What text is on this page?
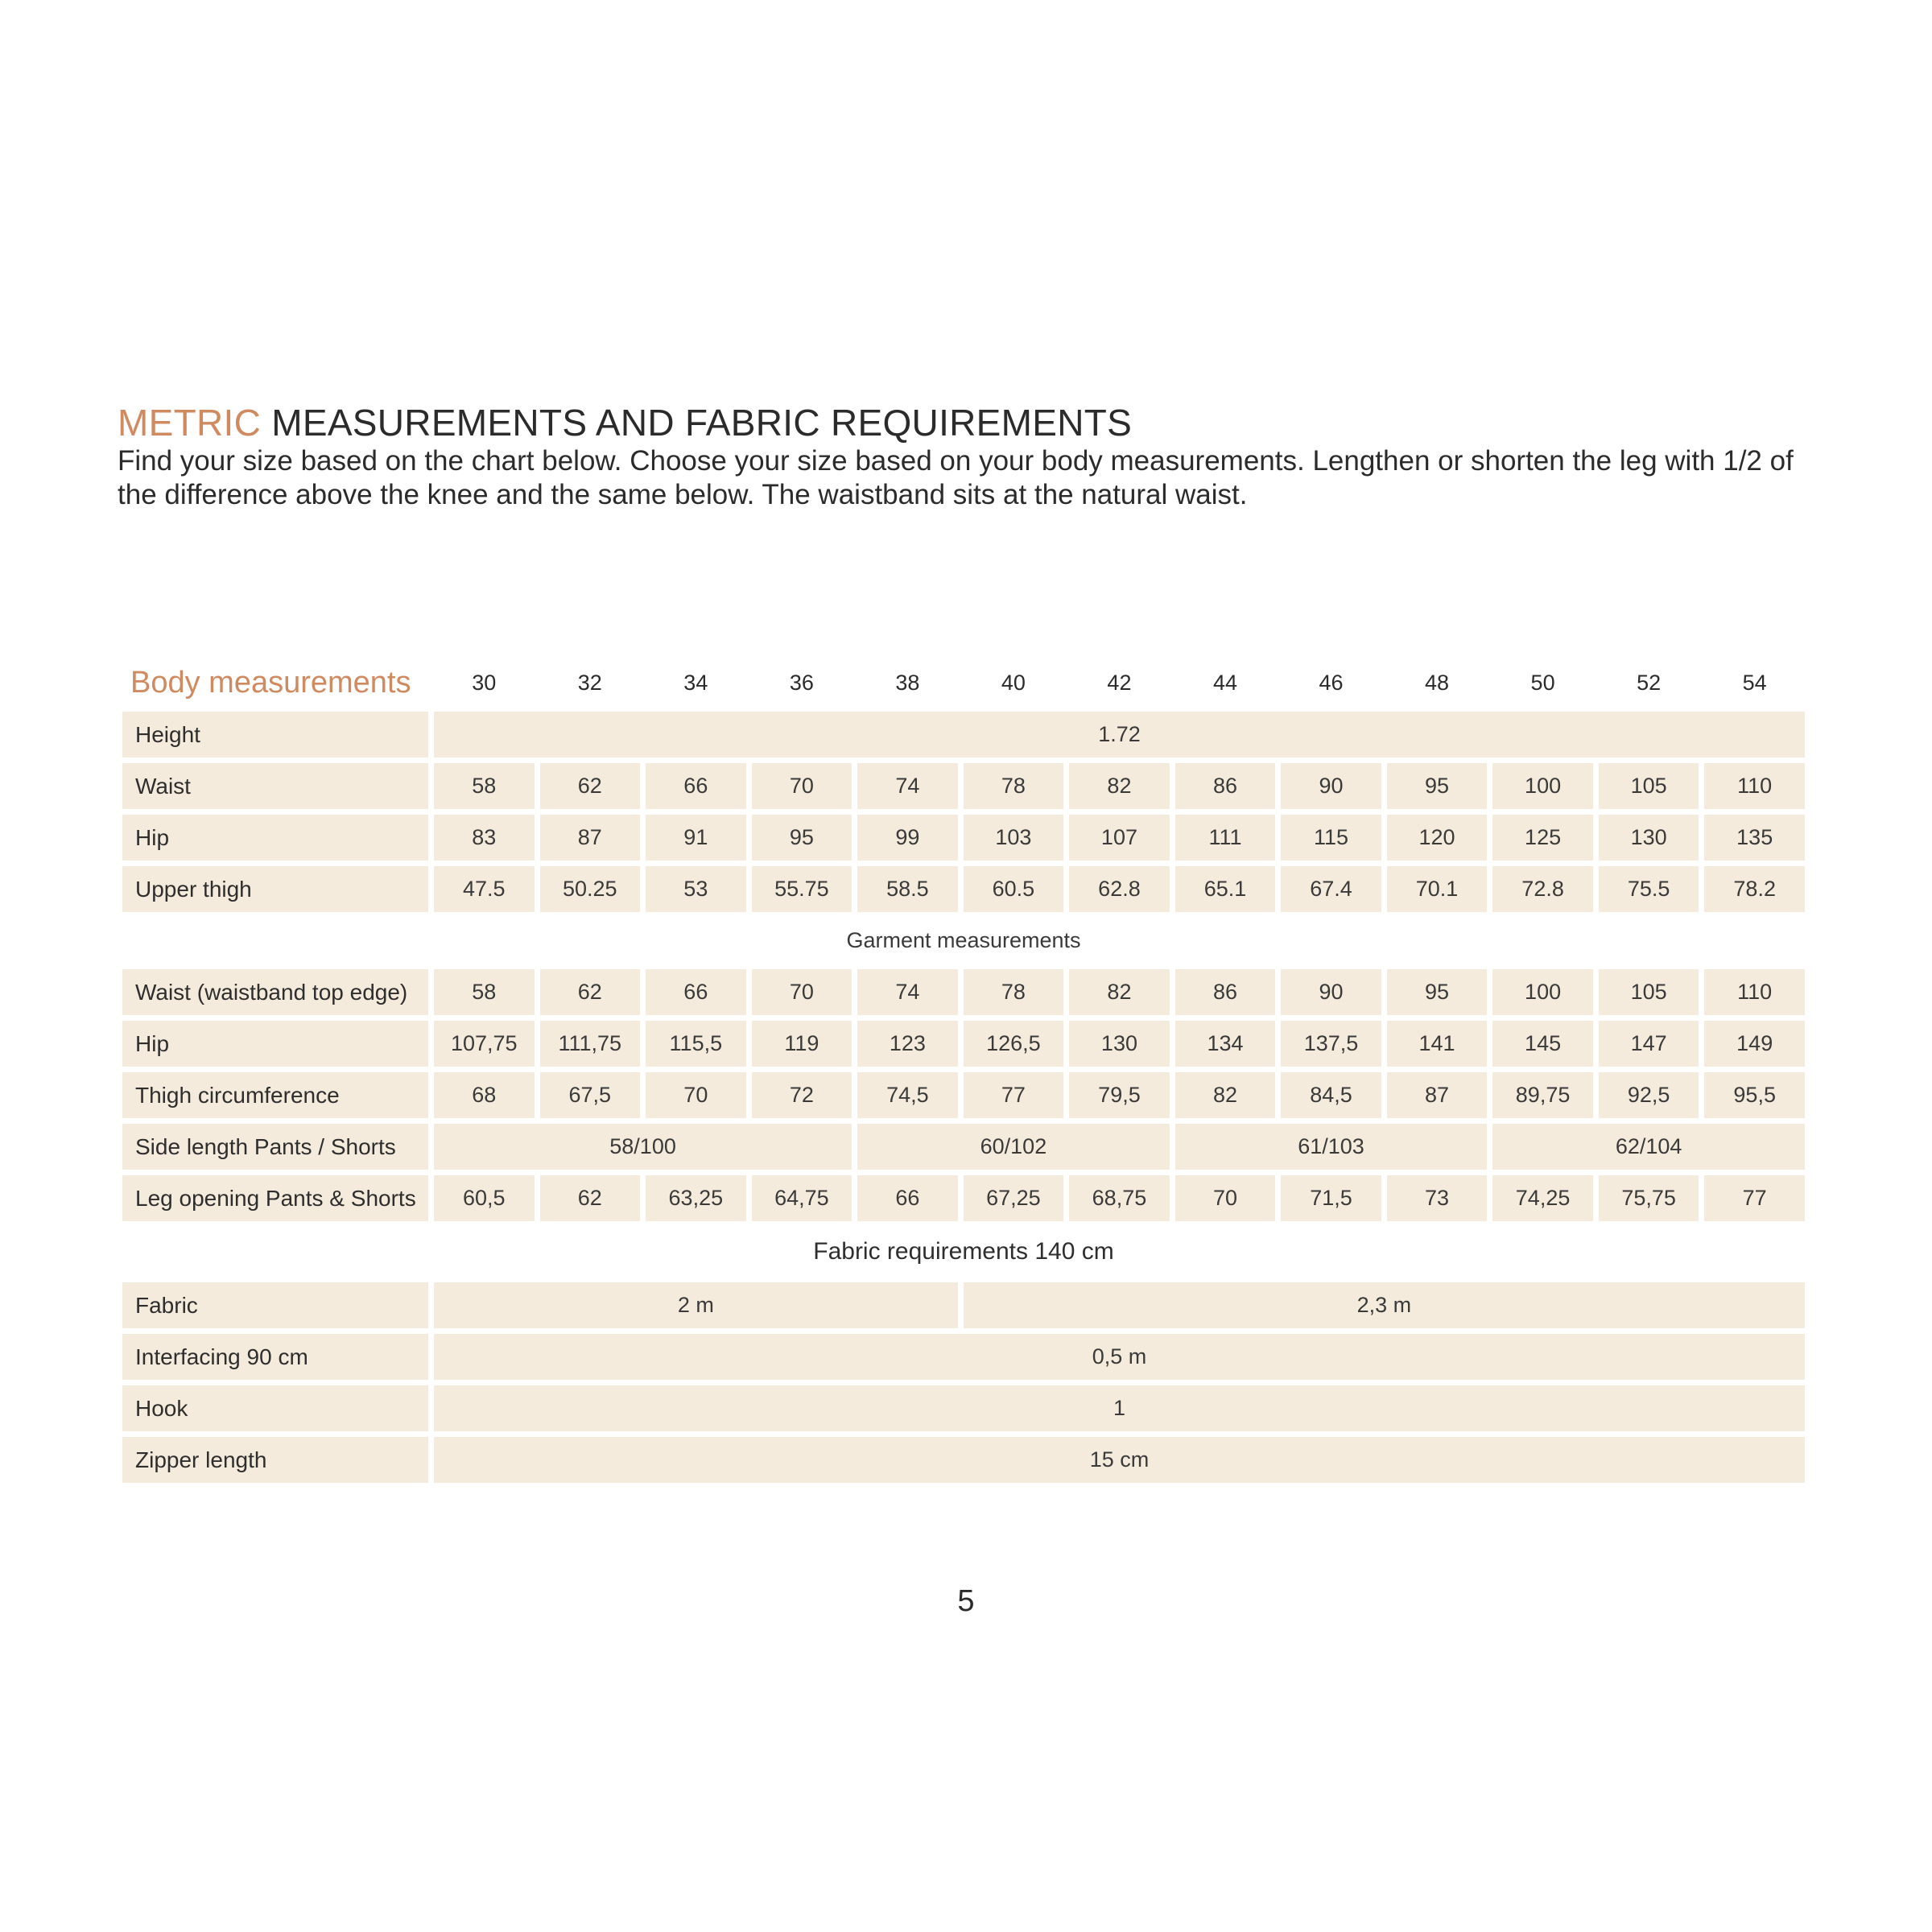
METRIC MEASUREMENTS AND FABRIC REQUIREMENTS

Find your size based on the chart below. Choose your size based on your body measurements. Lengthen or shorten the leg with 1/2 of

the difference above the knee and the same below. The waistband sits at the natural waist.

Body measurements	30	32	34	36	38	40	42	44	46	48	50	52	54
Height	1.72												
Waist	58	62	66	70	74	78	82	86	90	95	100	105	110
Hip	83	87	91	95	99	103	107	111	115	120	125	130	135
Upper thigh	47.5	50.25	53	55.75	58.5	60.5	62.8	65.1	67.4	70.1	72.8	75.5	78.2
Garment measurements													
Waist (waistband top edge)	58	62	66	70	74	78	82	86	90	95	100	105	110
Hip	107,75	111,75	115,5	119	123	126,5	130	134	137,5	141	145	147	149
Thigh circumference	68	67,5	70	72	74,5	77	79,5	82	84,5	87	89,75	92,5	95,5
Side length Pants / Shorts	58/100				60/102			61/103			62/104		
Leg opening Pants & Shorts	60,5	62	63,25	64,75	66	67,25	68,75	70	71,5	73	74,25	75,75	77
Fabric requirements 140 cm													
Fabric	2 m					2,3 m							
Interfacing 90 cm	0,5 m												
Hook	1												
Zipper length	15 cm												
5
